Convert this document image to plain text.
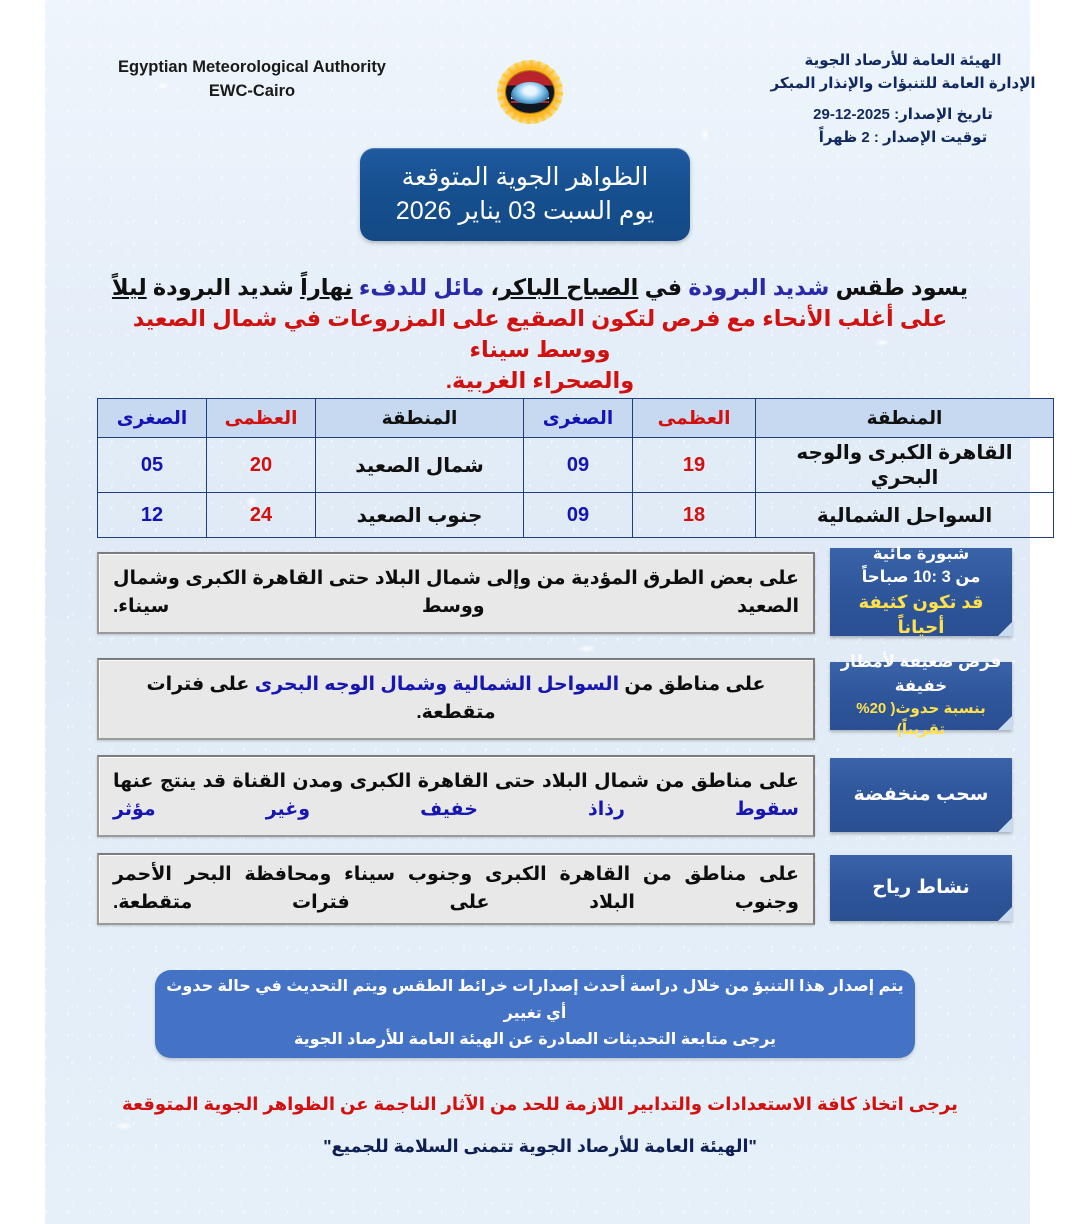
Egyptian Meteorological Authority
EWC-Cairo
الهيئة العامة للأرصاد الجوية
الإدارة العامة للتنبؤات والإنذار المبكر
تاريخ الإصدار: 2025-12-29
توقيت الإصدار : 2 ظهراً
الظواهر الجوية المتوقعة
يوم السبت 03 يناير 2026
يسود طقس شديد البرودة في الصباح الباكر، مائل للدفء نهاراً شديد البرودة ليلاً
على أغلب الأنحاء مع فرص لتكون الصقيع على المزروعات في شمال الصعيد ووسط سيناء
والصحراء الغربية.
المنطقة	العظمى	الصغرى	المنطقة	العظمى	الصغرى
القاهرة الكبرى والوجه البحري	19	09	شمال الصعيد	20	05
السواحل الشمالية	18	09	جنوب الصعيد	24	12
شبورة مائية
من 3 :10 صباحاً
قد تكون كثيفة أحياناً

على بعض الطرق المؤدية من وإلى شمال البلاد حتى القاهرة الكبرى وشمال الصعيد ووسط سيناء.

فرص ضعيفة لأمطار خفيفة
بنسبة حدوث( 20% تقريباً)

على مناطق من السواحل الشمالية وشمال الوجه البحرى على فترات متقطعة.

سحب منخفضة

على مناطق من شمال البلاد حتى القاهرة الكبرى ومدن القناة قد ينتج عنها
سقوط رذاذ خفيف وغير مؤثر

نشاط رياح

على مناطق من القاهرة الكبرى وجنوب سيناء ومحافظة البحر الأحمر وجنوب البلاد على فترات متقطعة.

يتم إصدار هذا التنبؤ من خلال دراسة أحدث إصدارات خرائط الطقس ويتم التحديث في حالة حدوث أي تغيير
يرجى متابعة التحديثات الصادرة عن الهيئة العامة للأرصاد الجوية
يرجى اتخاذ كافة الاستعدادات والتدابير اللازمة للحد من الآثار الناجمة عن الظواهر الجوية المتوقعة
"الهيئة العامة للأرصاد الجوية تتمنى السلامة للجميع"
